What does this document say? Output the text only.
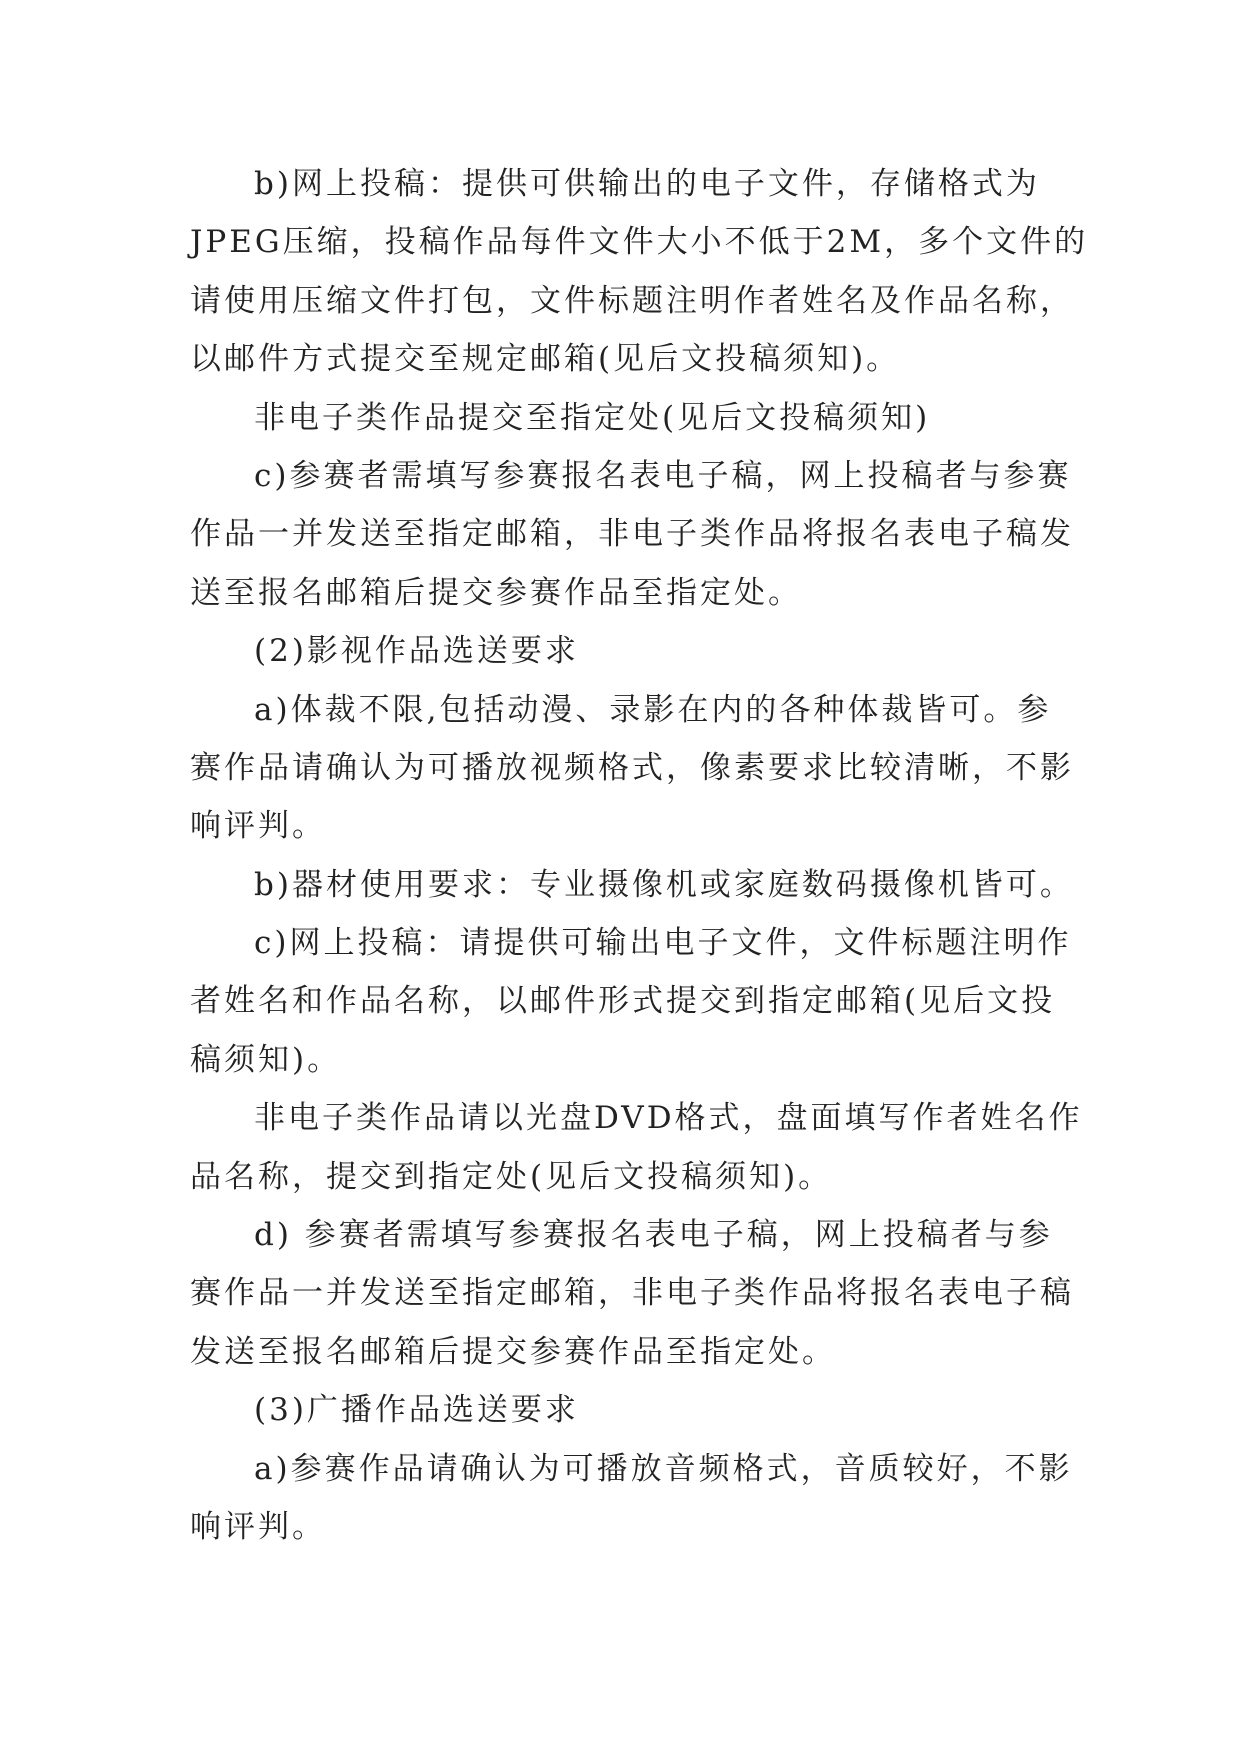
b)网上投稿：提供可供输出的电子文件，存储格式为
JPEG压缩，投稿作品每件文件大小不低于2M，多个文件的
请使用压缩文件打包，文件标题注明作者姓名及作品名称，
以邮件方式提交至规定邮箱(见后文投稿须知)。
非电子类作品提交至指定处(见后文投稿须知)
c)参赛者需填写参赛报名表电子稿，网上投稿者与参赛
作品一并发送至指定邮箱，非电子类作品将报名表电子稿发
送至报名邮箱后提交参赛作品至指定处。
(2)影视作品选送要求
a)体裁不限,包括动漫、录影在内的各种体裁皆可。参
赛作品请确认为可播放视频格式，像素要求比较清晰，不影
响评判。
b)器材使用要求：专业摄像机或家庭数码摄像机皆可。
c)网上投稿：请提供可输出电子文件，文件标题注明作
者姓名和作品名称，以邮件形式提交到指定邮箱(见后文投
稿须知)。
非电子类作品请以光盘DVD格式，盘面填写作者姓名作
品名称，提交到指定处(见后文投稿须知)。
d) 参赛者需填写参赛报名表电子稿，网上投稿者与参
赛作品一并发送至指定邮箱，非电子类作品将报名表电子稿
发送至报名邮箱后提交参赛作品至指定处。
(3)广播作品选送要求
a)参赛作品请确认为可播放音频格式，音质较好，不影
响评判。
